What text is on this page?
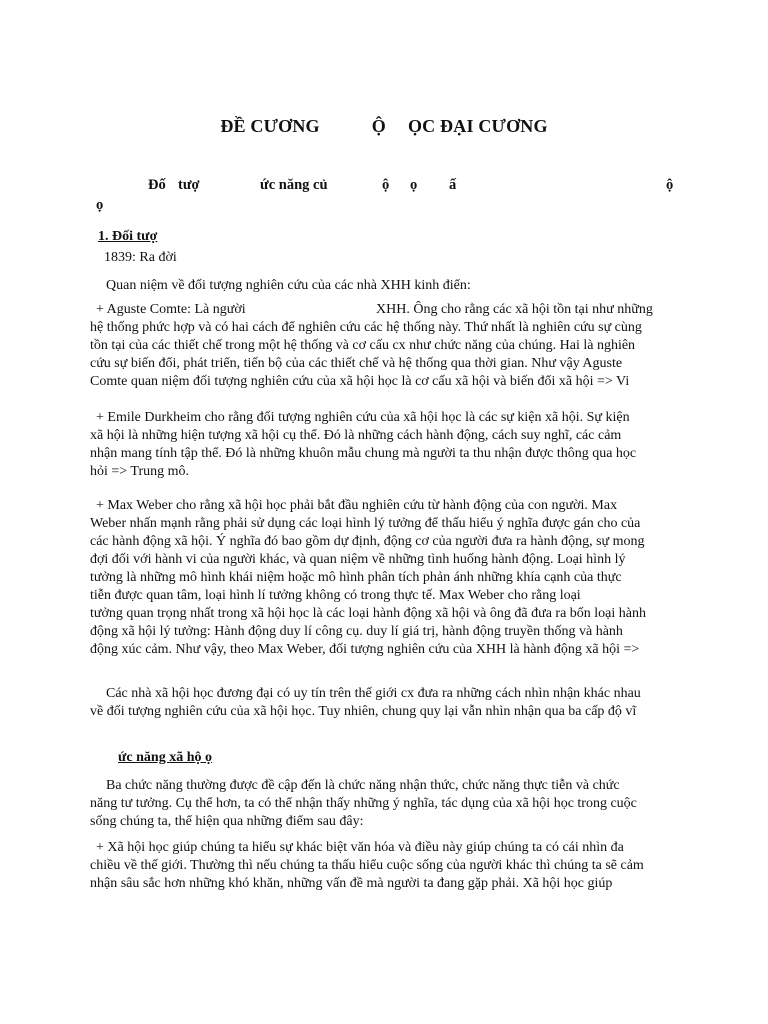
ĐỀ CƯƠNG	Ộ ỌC ĐẠI CƯƠNG
Đố tượ	ức năng củ	ộ ọ ấ	ộ
ọ
1. Đối tượ
1839: Ra đời
Quan niệm về đối tượng nghiên cứu của các nhà XHH kinh điển:
+ Aguste Comte: Là người	XHH. Ông cho rằng các xã hội tồn tại như những
hệ thống phức hợp và có hai cách để nghiên cứu các hệ thống này. Thứ nhất là nghiên cứu sự cùng
tồn tại của các thiết chế trong một hệ thống và cơ cấu cx như chức năng của chúng. Hai là nghiên
cứu sự biến đổi, phát triển, tiến bộ của các thiết chế và hệ thống qua thời gian. Như vậy Aguste
Comte quan niệm đối tượng nghiên cứu của xã hội học là cơ cấu xã hội và biến đổi xã hội => Vi
+ Emile Durkheim cho rằng đối tượng nghiên cứu của xã hội học là các sự kiện xã hội. Sự kiện
xã hội là những hiện tượng xã hội cụ thể. Đó là những cách hành động, cách suy nghĩ, các cảm
nhận mang tính tập thể. Đó là những khuôn mẫu chung mà người ta thu nhận được thông qua học
hỏi => Trung mô.
+ Max Weber cho rằng xã hội học phải bắt đầu nghiên cứu từ hành động của con người. Max
Weber nhấn mạnh rằng phải sử dụng các loại hình lý tưởng để thấu hiểu ý nghĩa được gán cho của
các hành động xã hội. Ý nghĩa đó bao gồm dự định, động cơ của người đưa ra hành động, sự mong
đợi đối với hành vi của người khác, và quan niệm về những tình huống hành động. Loại hình lý
tưởng là những mô hình khái niệm hoặc mô hình phân tích phản ánh những khía cạnh của thực
tiễn được quan tâm, loại hình lí tưởng không có trong thực tế. Max Weber cho rằng loại
tưởng quan trọng nhất trong xã hội học là các loại hành động xã hội và ông đã đưa ra bốn loại hành
động xã hội lý tưởng: Hành động duy lí công cụ. duy lí giá trị, hành động truyền thống và hành
động xúc cảm. Như vậy, theo Max Weber, đối tượng nghiên cứu của XHH là hành động xã hội =>
Các nhà xã hội học đương đại có uy tín trên thế giới cx đưa ra những cách nhìn nhận khác nhau
về đối tượng nghiên cứu của xã hội học. Tuy nhiên, chung quy lại vẫn nhìn nhận qua ba cấp độ vĩ
ức năng xã hộ ọ
Ba chức năng thường được đề cập đến là chức năng nhận thức, chức năng thực tiễn và chức
năng tư tưởng. Cụ thể hơn, ta có thể nhận thấy những ý nghĩa, tác dụng của xã hội học trong cuộc
sống chúng ta, thể hiện qua những điểm sau đây:
+ Xã hội học giúp chúng ta hiểu sự khác biệt văn hóa và điều này giúp chúng ta có cái nhìn đa
chiều về thế giới. Thường thì nếu chúng ta thấu hiểu cuộc sống của người khác thì chúng ta sẽ cảm
nhận sâu sắc hơn những khó khăn, những vấn đề mà người ta đang gặp phải. Xã hội học giúp
